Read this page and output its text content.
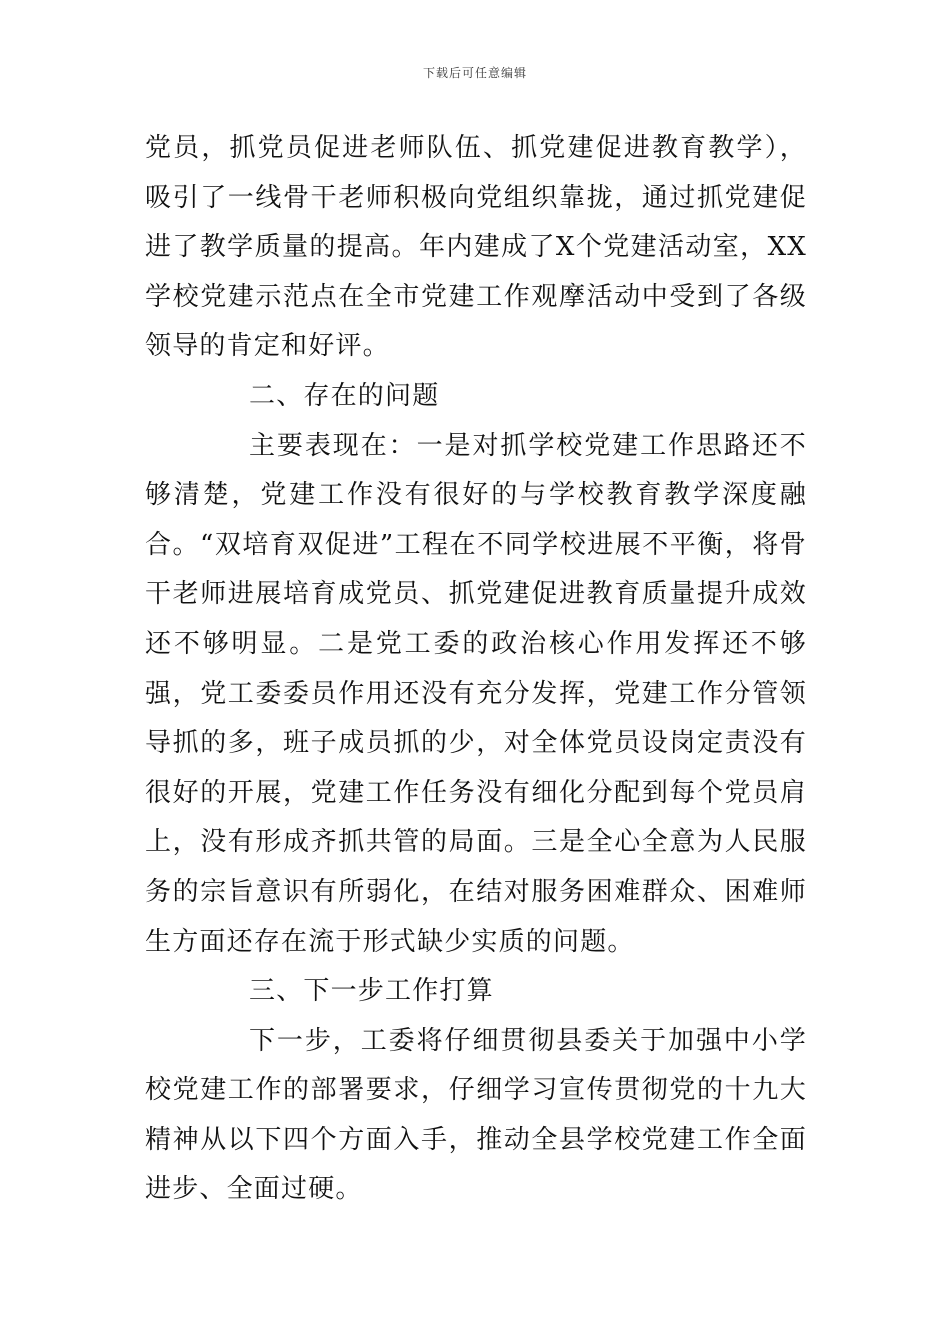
下载后可任意编辑

党员，抓党员促进老师队伍、抓党建促进教育教学），吸引了一线骨干老师积极向党组织靠拢，通过抓党建促进了教学质量的提高。年内建成了X个党建活动室，XX学校党建示范点在全市党建工作观摩活动中受到了各级领导的肯定和好评。

二、存在的问题

主要表现在：一是对抓学校党建工作思路还不够清楚，党建工作没有很好的与学校教育教学深度融合。“双培育双促进”工程在不同学校进展不平衡，将骨干老师进展培育成党员、抓党建促进教育质量提升成效还不够明显。二是党工委的政治核心作用发挥还不够强，党工委委员作用还没有充分发挥，党建工作分管领导抓的多，班子成员抓的少，对全体党员设岗定责没有很好的开展，党建工作任务没有细化分配到每个党员肩上，没有形成齐抓共管的局面。三是全心全意为人民服务的宗旨意识有所弱化，在结对服务困难群众、困难师生方面还存在流于形式缺少实质的问题。

三、下一步工作打算

下一步，工委将仔细贯彻县委关于加强中小学校党建工作的部署要求，仔细学习宣传贯彻党的十九大精神从以下四个方面入手，推动全县学校党建工作全面进步、全面过硬。
